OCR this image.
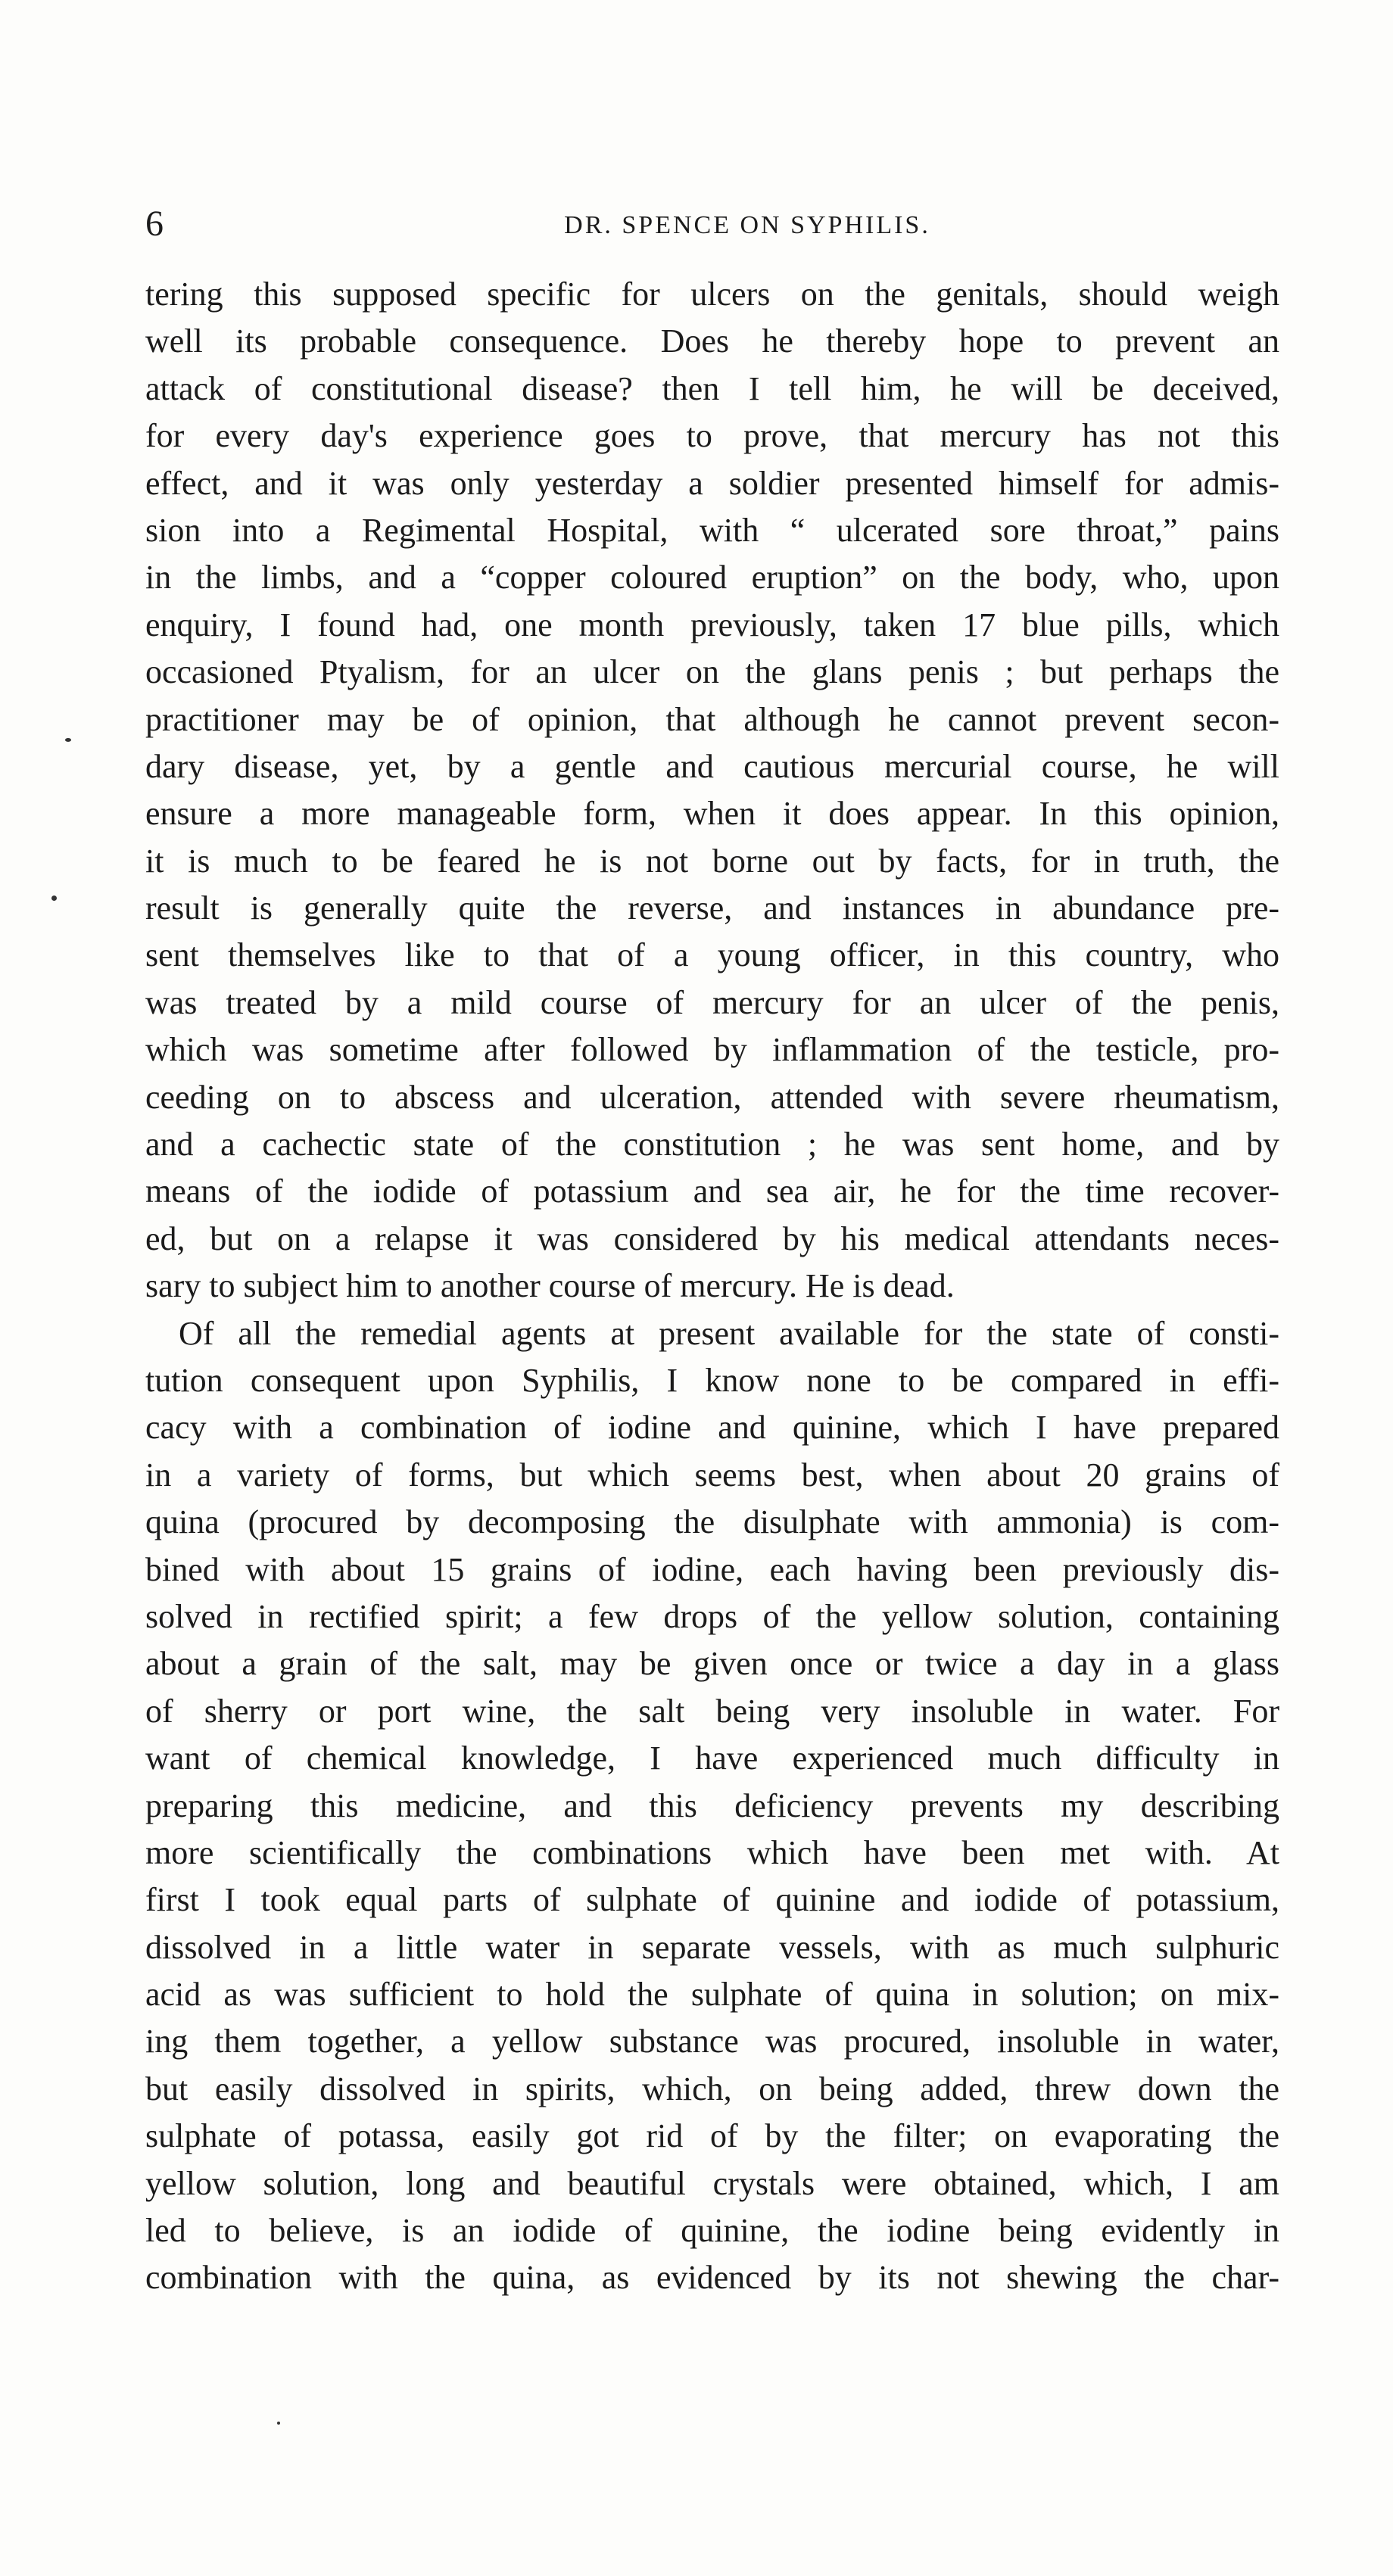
6	DR. SPENCE ON SYPHILIS.
tering this supposed specific for ulcers on the genitals, should weigh
well its probable consequence. Does he thereby hope to prevent an
attack of constitutional disease? then I tell him, he will be deceived,
for every day's experience goes to prove, that mercury has not this
effect, and it was only yesterday a soldier presented himself for admis-
sion into a Regimental Hospital, with “ ulcerated sore throat,” pains
in the limbs, and a “copper coloured eruption” on the body, who, upon
enquiry, I found had, one month previously, taken 17 blue pills, which
occasioned Ptyalism, for an ulcer on the glans penis ; but perhaps the
practitioner may be of opinion, that although he cannot prevent secon-
dary disease, yet, by a gentle and cautious mercurial course, he will
ensure a more manageable form, when it does appear. In this opinion,
it is much to be feared he is not borne out by facts, for in truth, the
result is generally quite the reverse, and instances in abundance pre-
sent themselves like to that of a young officer, in this country, who
was treated by a mild course of mercury for an ulcer of the penis,
which was sometime after followed by inflammation of the testicle, pro-
ceeding on to abscess and ulceration, attended with severe rheumatism,
and a cachectic state of the constitution ; he was sent home, and by
means of the iodide of potassium and sea air, he for the time recover-
ed, but on a relapse it was considered by his medical attendants neces-
sary to subject him to another course of mercury. He is dead.
Of all the remedial agents at present available for the state of consti-
tution consequent upon Syphilis, I know none to be compared in effi-
cacy with a combination of iodine and quinine, which I have prepared
in a variety of forms, but which seems best, when about 20 grains of
quina (procured by decomposing the disulphate with ammonia) is com-
bined with about 15 grains of iodine, each having been previously dis-
solved in rectified spirit; a few drops of the yellow solution, containing
about a grain of the salt, may be given once or twice a day in a glass
of sherry or port wine, the salt being very insoluble in water. For
want of chemical knowledge, I have experienced much difficulty in
preparing this medicine, and this deficiency prevents my describing
more scientifically the combinations which have been met with. At
first I took equal parts of sulphate of quinine and iodide of potassium,
dissolved in a little water in separate vessels, with as much sulphuric
acid as was sufficient to hold the sulphate of quina in solution; on mix-
ing them together, a yellow substance was procured, insoluble in water,
but easily dissolved in spirits, which, on being added, threw down the
sulphate of potassa, easily got rid of by the filter; on evaporating the
yellow solution, long and beautiful crystals were obtained, which, I am
led to believe, is an iodide of quinine, the iodine being evidently in
combination with the quina, as evidenced by its not shewing the char-
